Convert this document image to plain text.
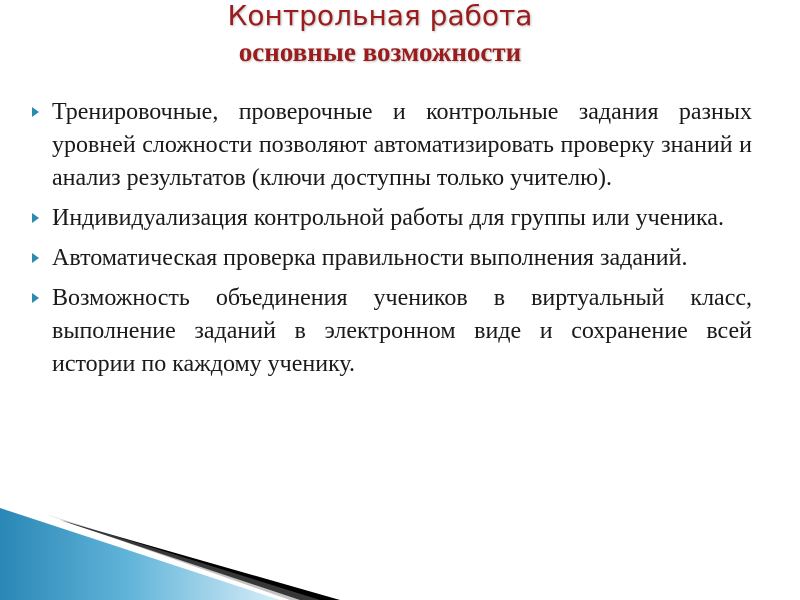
Контрольная работа
основные возможности
Тренировочные, проверочные и контрольные задания разных уровней сложности позволяют автоматизировать проверку знаний и анализ результатов (ключи доступны только учителю).
Индивидуализация контрольной работы для группы или ученика.
Автоматическая проверка правильности выполнения заданий.
Возможность объединения учеников в виртуальный класс, выполнение заданий в электронном виде и сохранение всей истории по каждому ученику.
